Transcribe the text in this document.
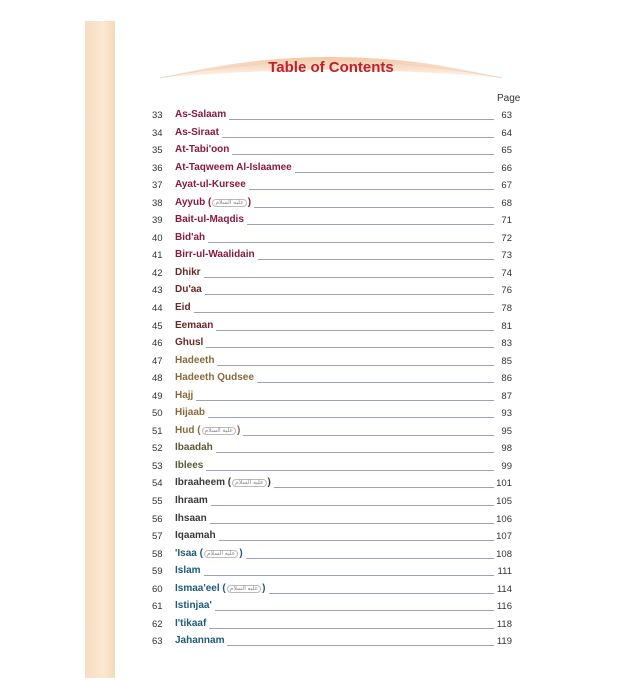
Table of Contents
Page
33 As-Salaam	63
34 As-Siraat	64
35 At-Tabi'oon	65
36 At-Taqweem Al-Islaamee	66
37 Ayat-ul-Kursee	67
38 Ayyub ( عليه السلام )	68
39 Bait-ul-Maqdis	71
40 Bid'ah	72
41 Birr-ul-Waalidain	73
42 Dhikr	74
43 Du'aa	76
44 Eid	78
45 Eemaan	81
46 Ghusl	83
47 Hadeeth	85
48 Hadeeth Qudsee	86
49 Hajj	87
50 Hijaab	93
51 Hud ( عليه السلام )	95
52 Ibaadah	98
53 Iblees	99
54 Ibraaheem ( عليه السلام )	101
55 Ihraam	105
56 Ihsaan	106
57 Iqaamah	107
58 'Isaa ( عليه السلام )	108
59 Islam	111
60 Ismaa'eel ( عليه السلام )	114
61 Istinjaa'	116
62 I'tikaaf	118
63 Jahannam	119
